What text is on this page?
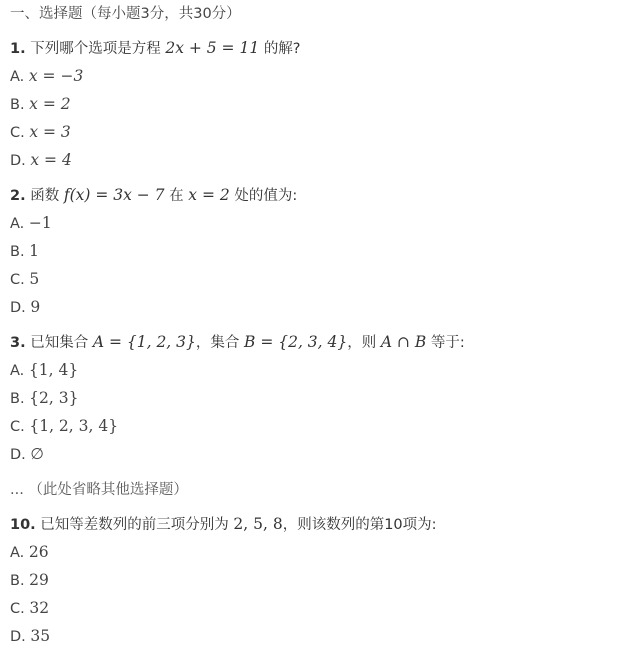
一、选择题（每小题3分，共30分）
1. 下列哪个选项是方程 2x + 5 = 11 的解?
A. x = −3
B. x = 2
C. x = 3
D. x = 4
2. 函数 f(x) = 3x − 7 在 x = 2 处的值为:
A. −1
B. 1
C. 5
D. 9
3. 已知集合 A = {1, 2, 3}，集合 B = {2, 3, 4}，则 A ∩ B 等于:
A. {1, 4}
B. {2, 3}
C. {1, 2, 3, 4}
D. ∅
... （此处省略其他选择题）
10. 已知等差数列的前三项分别为 2, 5, 8，则该数列的第10项为:
A. 26
B. 29
C. 32
D. 35
